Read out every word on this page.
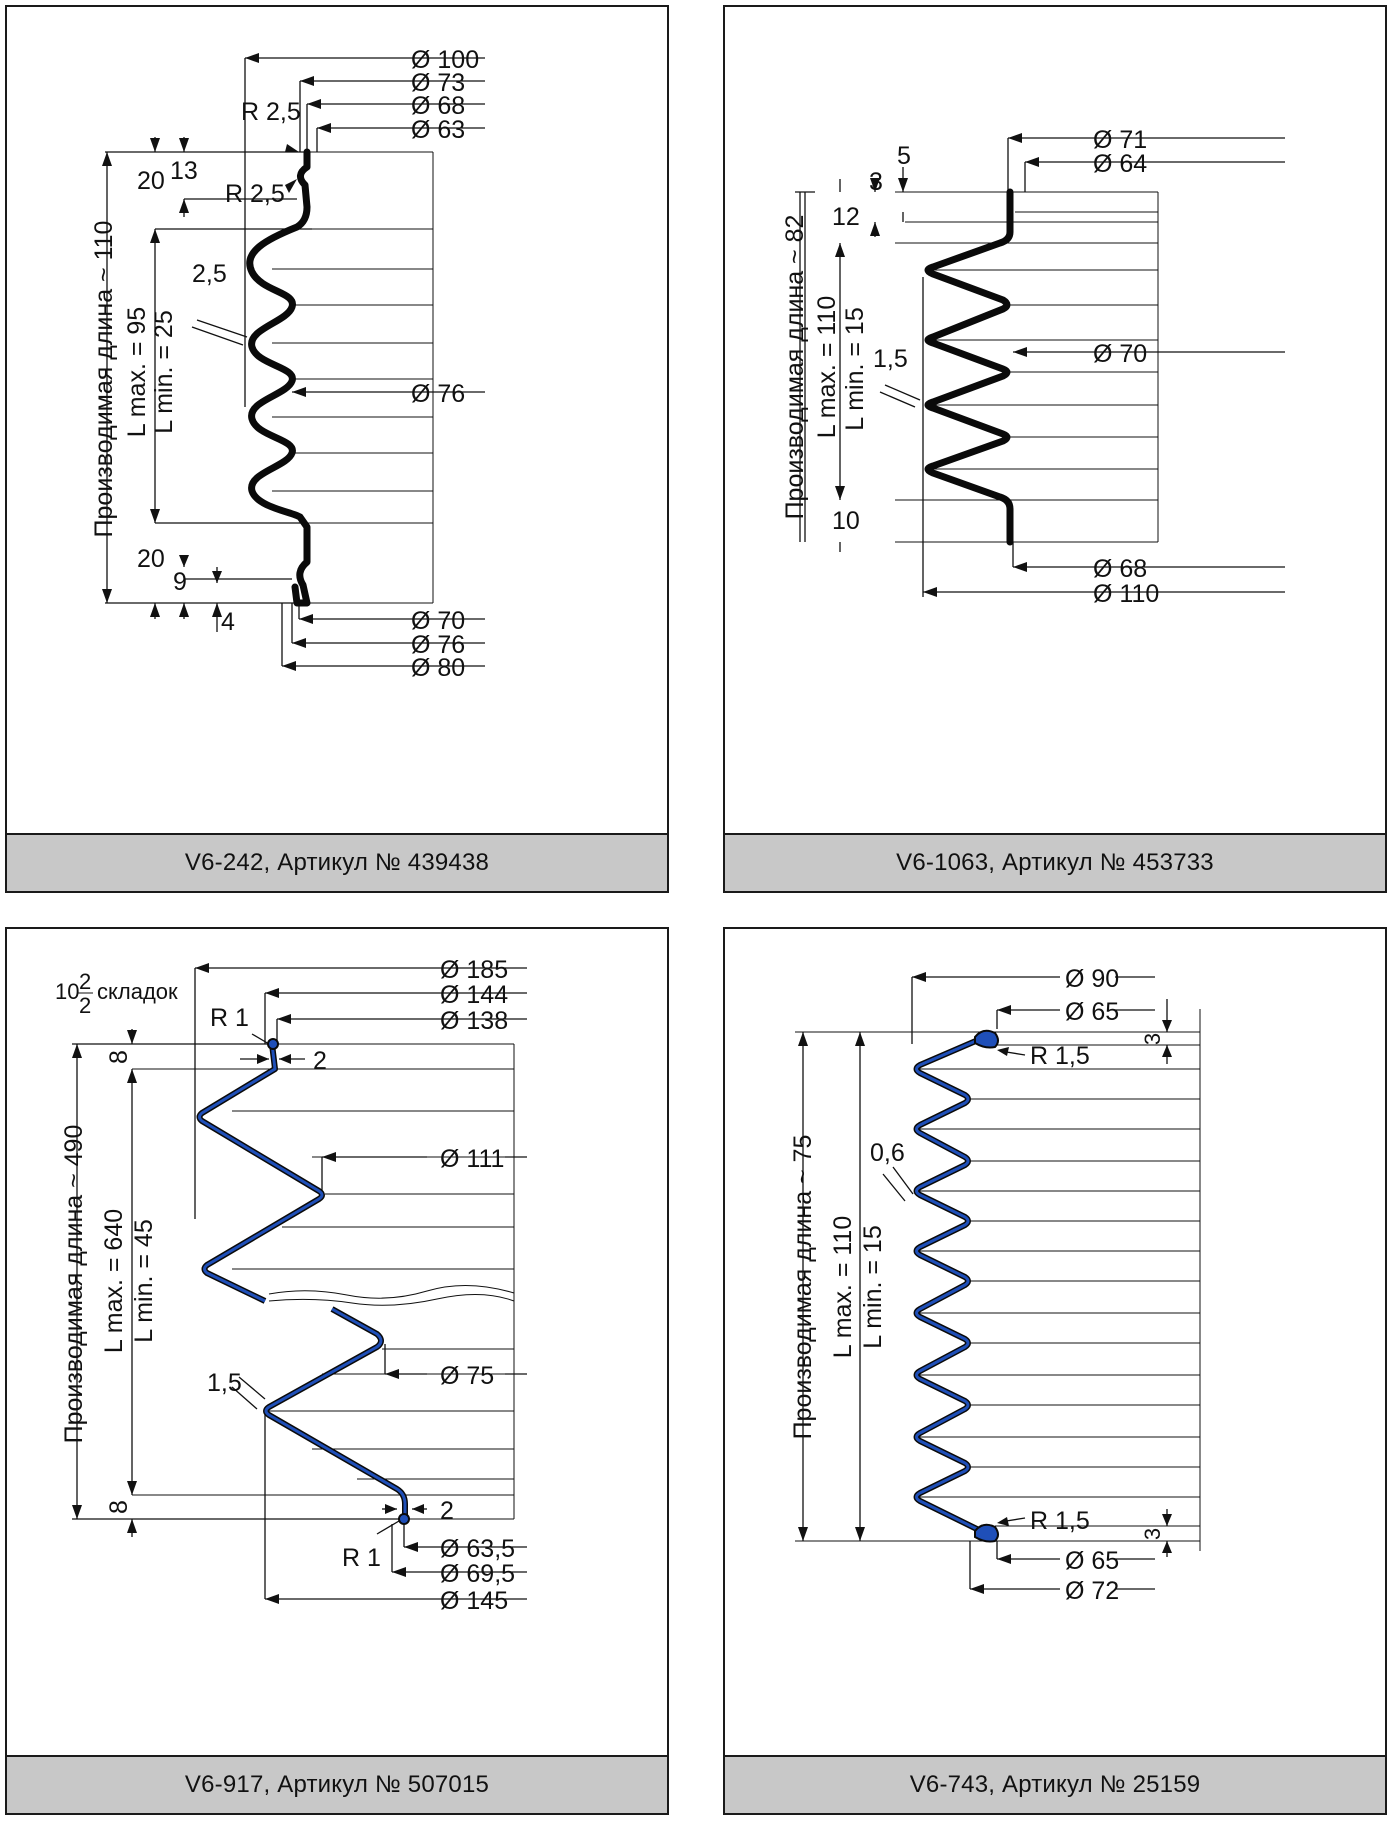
Ø 100
Ø 73
Ø 68
Ø 63
Ø 76
Ø 70
Ø 76
Ø 80
R 2,5
R 2,5
2,5
20 13
20
9
4
Производимая длина ~ 110 L max. = 95 L min. = 25
V6-242, Артикул № 439438
Ø 71
Ø 64
Ø 70
Ø 68
Ø 110
5
3
12
1,5
10
Производимая длина ~ 82 L max. = 110 L min. = 15
V6-1063, Артикул № 453733
Ø 185
Ø 144
Ø 138
Ø 111
Ø 75
Ø 63,5
Ø 69,5
Ø 145
R 1
R 1
2
2
1,5
8
8
10 2
2
складок
Производимая длина ~ 490 L max. = 640 L min. = 45
V6-917, Артикул № 507015
Ø 90
Ø 65
R 1,5
0,6
3
R 1,5 3
Ø 65
Ø 72
Производимая длина ~ 75 L max. = 110 L min. = 15
V6-743, Артикул № 25159
